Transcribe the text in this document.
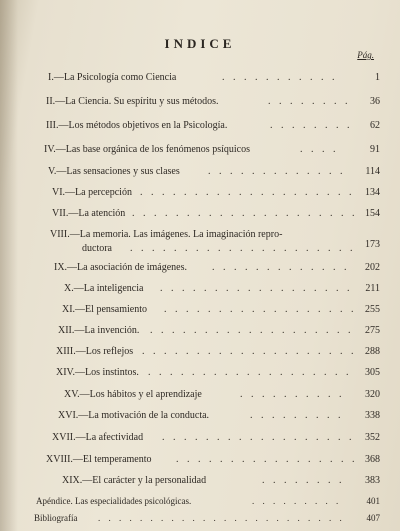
INDICE
Pág.
I.—La Psicología como Ciencia	. . . . . . . . . . .	1
II.—La Ciencia. Su espíritu y sus métodos.	. . . . . . . .	36
III.—Los métodos objetivos en la Psicología.	. . . . . . . .	62
IV.—Las base orgánica de los fenómenos psíquicos	. . . .	91
V.—Las sensaciones y sus clases	. . . . . . . . . . . . .	114
VI.—La percepción . . . . . . . . . . . . . . . . . . . .	134
VII.—La atención . . . . . . . . . . . . . . . . . . . . . 154
VIII.—La memoria. Las imágenes. La imaginación repro-
ductora . . . . . . . . . . . . . . . . . . . . . 173
IX.—La asociación de imágenes. . . . . . . . . . . . . .	202
X.—La inteligencia . . . . . . . . . . . . . . . . . .	211
XI.—El pensamiento . . . . . . . . . . . . . . . . . . 255
XII.—La invención. . . . . . . . . . . . . . . . . . . .	275
XIII.—Los reflejos . . . . . . . . . . . . . . . . . . . . 288
XIV.—Los instintos. . . . . . . . . . . . . . . . . . . .	305
XV.—Los hábitos y el aprendizaje	. . . . . . . . . .	320
XVI.—La motivación de la conducta.	. . . . . . . . .	338
XVII.—La afectividad . . . . . . . . . . . . . . . . . .	352
XVIII.—El temperamento . . . . . . . . . . . . . . . . . 368
XIX.—El carácter y la personalidad	. . . . . . . .	383
Apéndice. Las especialidades psicológicas.	. . . . . . . . .	401
Bibliografía . . . . . . . . . . . . . . . . . . . . . . . .	407
